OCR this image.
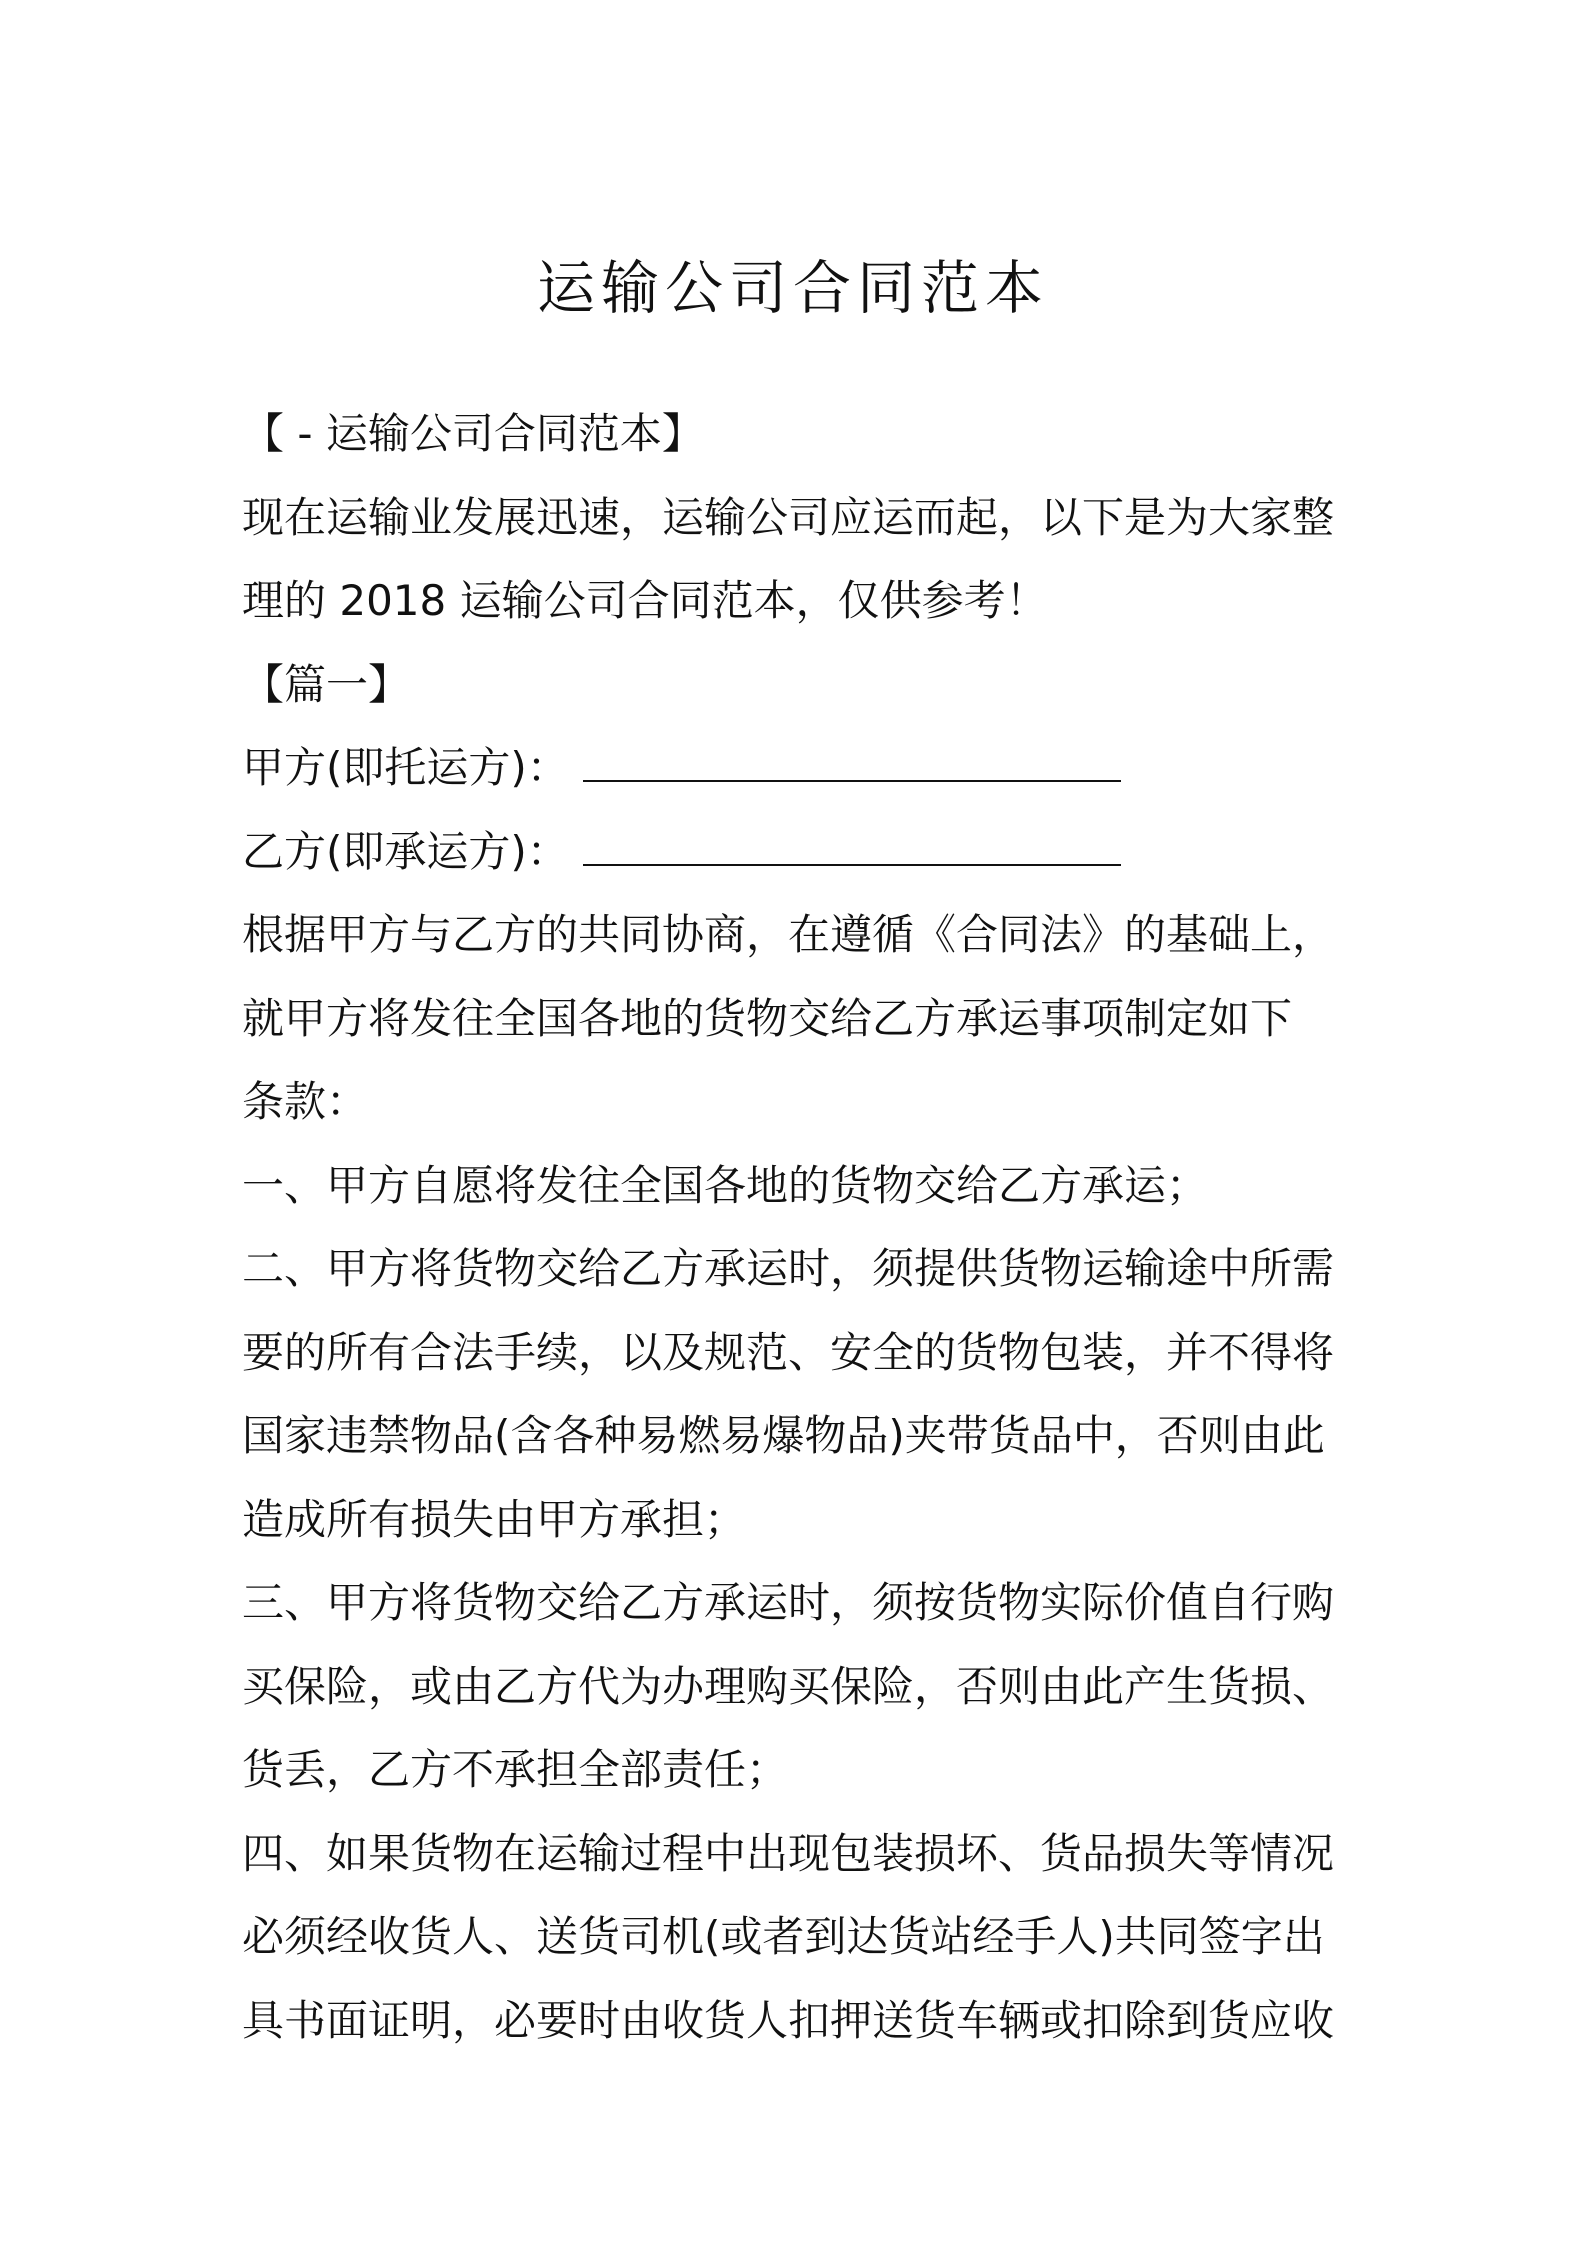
运输公司合同范本
【 - 运输公司合同范本】
现在运输业发展迅速，运输公司应运而起，以下是为大家整
理的 2018 运输公司合同范本，仅供参考！
【篇一】
甲方(即托运方)：
乙方(即承运方)：
根据甲方与乙方的共同协商，在遵循《合同法》的基础上，
就甲方将发往全国各地的货物交给乙方承运事项制定如下
条款：
一、甲方自愿将发往全国各地的货物交给乙方承运；
二、甲方将货物交给乙方承运时，须提供货物运输途中所需
要的所有合法手续，以及规范、安全的货物包装，并不得将
国家违禁物品(含各种易燃易爆物品)夹带货品中，否则由此
造成所有损失由甲方承担；
三、甲方将货物交给乙方承运时，须按货物实际价值自行购
买保险，或由乙方代为办理购买保险，否则由此产生货损、
货丢，乙方不承担全部责任；
四、如果货物在运输过程中出现包装损坏、货品损失等情况
必须经收货人、送货司机(或者到达货站经手人)共同签字出
具书面证明，必要时由收货人扣押送货车辆或扣除到货应收
